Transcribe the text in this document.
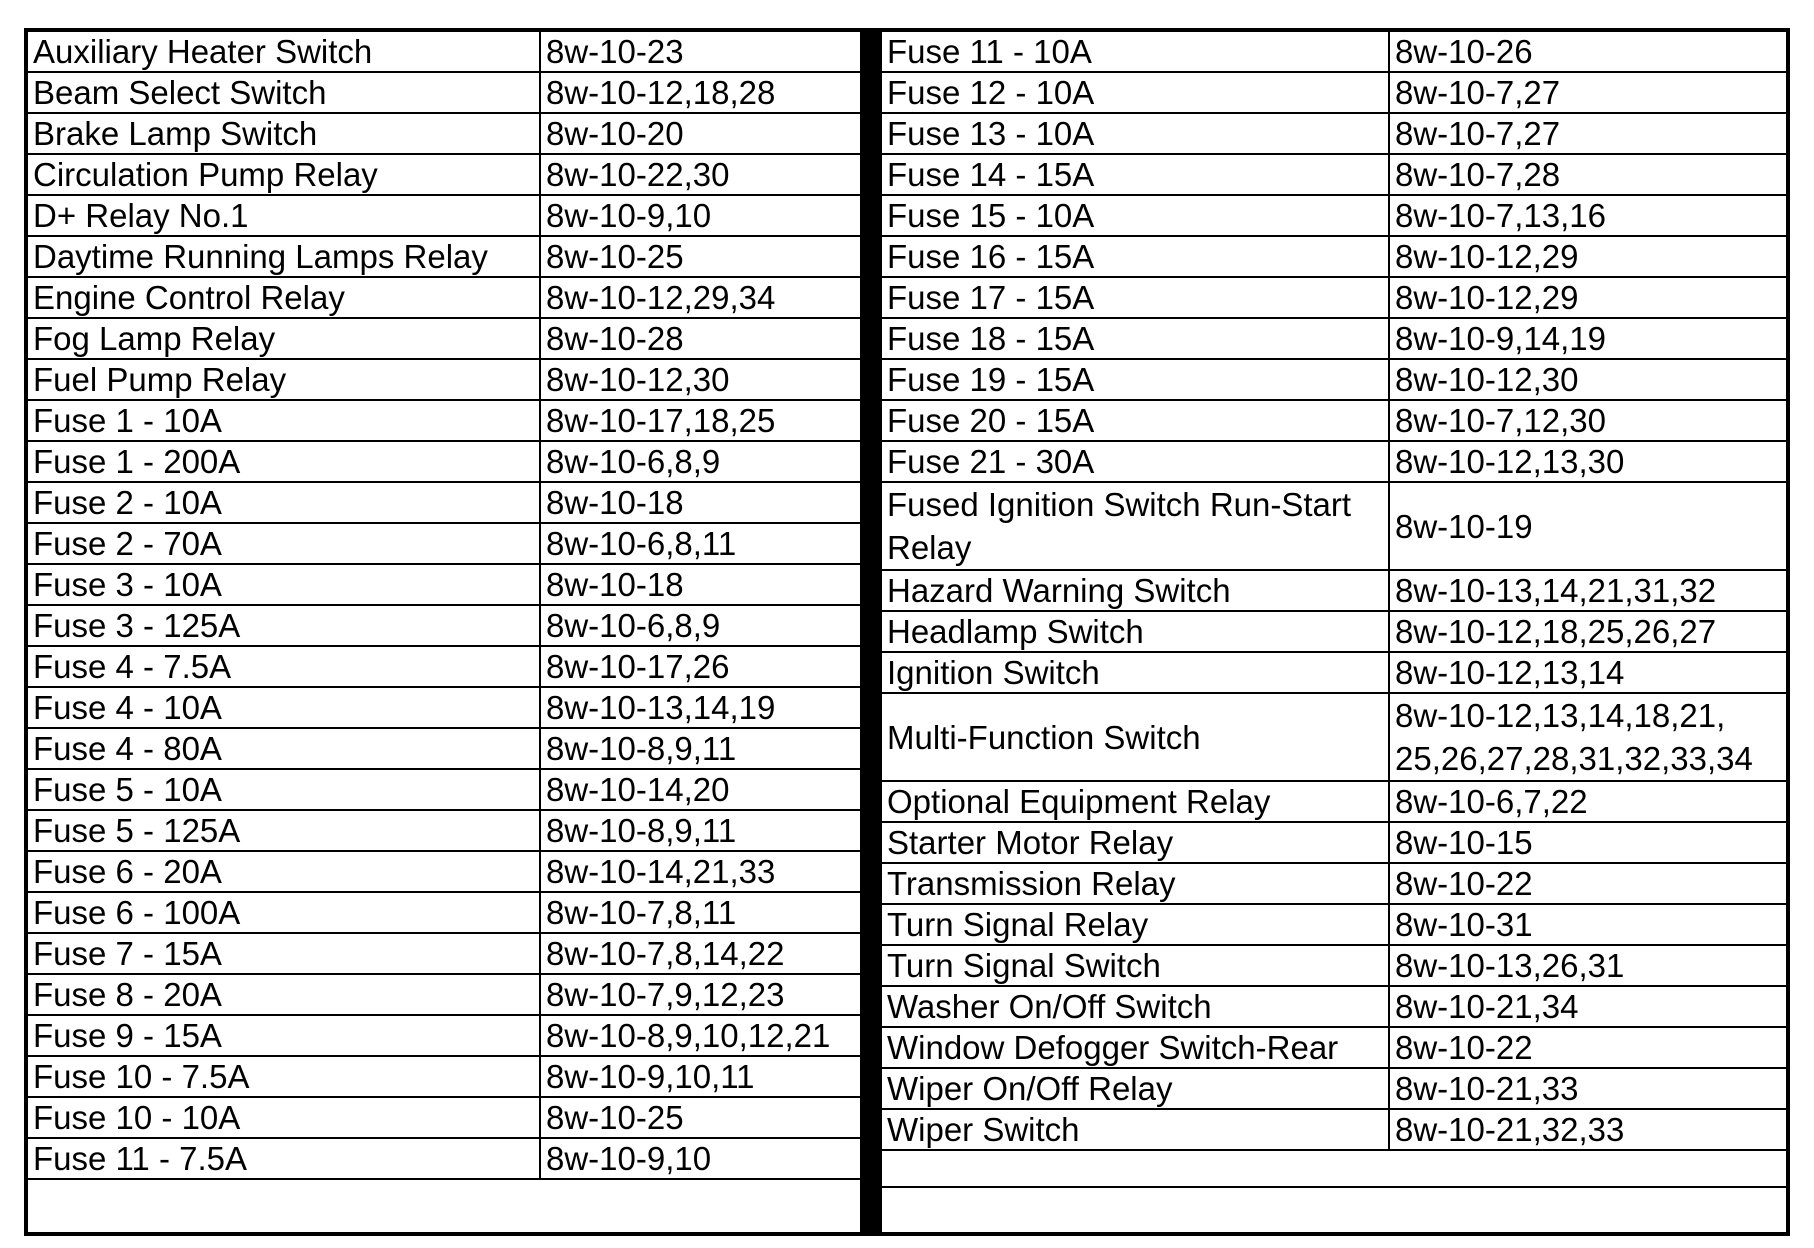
Auxiliary Heater Switch	8w-10-23
Beam Select Switch	8w-10-12,18,28
Brake Lamp Switch	8w-10-20
Circulation Pump Relay	8w-10-22,30
D+ Relay No.1	8w-10-9,10
Daytime Running Lamps Relay	8w-10-25
Engine Control Relay	8w-10-12,29,34
Fog Lamp Relay	8w-10-28
Fuel Pump Relay	8w-10-12,30
Fuse 1 - 10A	8w-10-17,18,25
Fuse 1 - 200A	8w-10-6,8,9
Fuse 2 - 10A	8w-10-18
Fuse 2 - 70A	8w-10-6,8,11
Fuse 3 - 10A	8w-10-18
Fuse 3 - 125A	8w-10-6,8,9
Fuse 4 - 7.5A	8w-10-17,26
Fuse 4 - 10A	8w-10-13,14,19
Fuse 4 - 80A	8w-10-8,9,11
Fuse 5 - 10A	8w-10-14,20
Fuse 5 - 125A	8w-10-8,9,11
Fuse 6 - 20A	8w-10-14,21,33
Fuse 6 - 100A	8w-10-7,8,11
Fuse 7 - 15A	8w-10-7,8,14,22
Fuse 8 - 20A	8w-10-7,9,12,23
Fuse 9 - 15A	8w-10-8,9,10,12,21
Fuse 10 - 7.5A	8w-10-9,10,11
Fuse 10 - 10A	8w-10-25
Fuse 11 - 7.5A	8w-10-9,10
Fuse 11 - 10A	8w-10-26
Fuse 12 - 10A	8w-10-7,27
Fuse 13 - 10A	8w-10-7,27
Fuse 14 - 15A	8w-10-7,28
Fuse 15 - 10A	8w-10-7,13,16
Fuse 16 - 15A	8w-10-12,29
Fuse 17 - 15A	8w-10-12,29
Fuse 18 - 15A	8w-10-9,14,19
Fuse 19 - 15A	8w-10-12,30
Fuse 20 - 15A	8w-10-7,12,30
Fuse 21 - 30A	8w-10-12,13,30
Fused Ignition Switch Run-Start Relay	8w-10-19
Hazard Warning Switch	8w-10-13,14,21,31,32
Headlamp Switch	8w-10-12,18,25,26,27
Ignition Switch	8w-10-12,13,14
Multi-Function Switch	8w-10-12,13,14,18,21, 25,26,27,28,31,32,33,34
Optional Equipment Relay	8w-10-6,7,22
Starter Motor Relay	8w-10-15
Transmission Relay	8w-10-22
Turn Signal Relay	8w-10-31
Turn Signal Switch	8w-10-13,26,31
Washer On/Off Switch	8w-10-21,34
Window Defogger Switch-Rear	8w-10-22
Wiper On/Off Relay	8w-10-21,33
Wiper Switch	8w-10-21,32,33
